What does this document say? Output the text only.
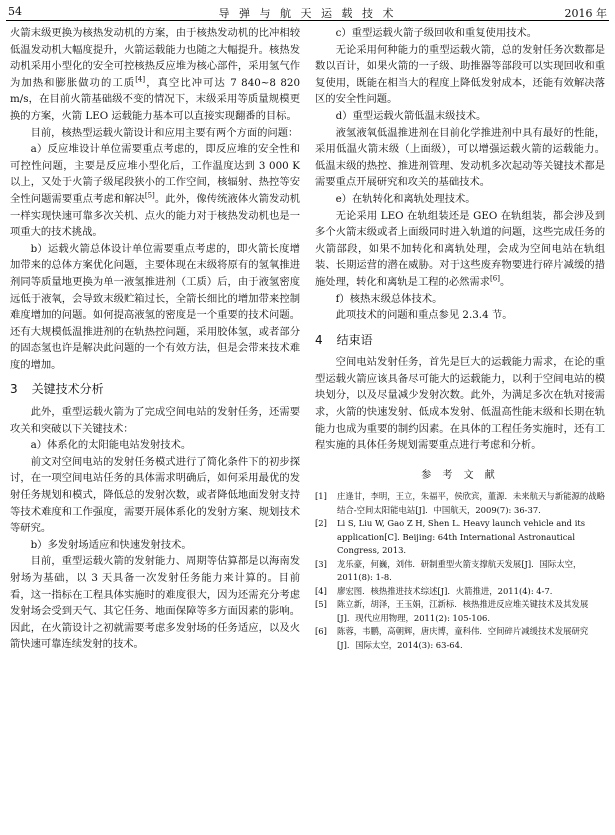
54	导 弹 与 航 天 运 载 技 术	2016 年

火箭末级更换为核热发动机的方案，由于核热发动机的比冲相较低温发动机大幅度提升，火箭运载能力也随之大幅提升。核热发动机采用小型化的安全可控核热反应堆为核心部件，采用氢气作为加热和膨胀做功的工质[4]，真空比冲可达 7 840~8 820 m/s，在目前火箭基础级不变的情况下，末级采用等质量规模更换的方案，火箭 LEO 运载能力基本可以直接实现翻番的目标。

目前，核热型运载火箭设计和应用主要有两个方面的问题：

a）反应堆设计单位需要重点考虑的，即反应堆的安全性和可控性问题，主要是反应堆小型化后，工作温度达到 3 000 K 以上，又处于火箭子级尾段狭小的工作空间，核辐射、热控等安全性问题需要重点考虑和解决[5]。此外，像传统液体火箭发动机一样实现快速可靠多次关机、点火的能力对于核热发动机也是一项重大的技术挑战。

b）运载火箭总体设计单位需要重点考虑的，即火箭长度增加带来的总体方案优化问题，主要体现在末级将原有的氢氧推进剂同等质量地更换为单一液氢推进剂（工质）后，由于液氢密度远低于液氧，会导致末级贮箱过长，全箭长细比的增加带来控制难度增加的问题。如何提高液氢的密度是一个重要的技术问题。还有大规模低温推进剂的在轨热控问题，采用胶体氢，或者部分的固态氢也许是解决此问题的一个有效方法，但是会带来技术难度的增加。

3 关键技术分析

此外，重型运载火箭为了完成空间电站的发射任务，还需要攻关和突破以下关键技术：

a）体系化的太阳能电站发射技术。

前文对空间电站的发射任务模式进行了简化条件下的初步探讨，在一项空间电站任务的具体需求明确后，如何采用最优的发射任务规划和模式，降低总的发射次数，或者降低地面发射支持等技术难度和工作强度，需要开展体系化的发射方案、规划技术等研究。

b）多发射场适应和快速发射技术。

目前，重型运载火箭的发射能力、周期等估算都是以海南发射场为基础，以 3 天具备一次发射任务能力来计算的。目前看，这一指标在工程具体实施时的难度很大，因为还需充分考虑发射场会受到天气、其它任务、地面保障等多方面因素的影响。因此，在火箭设计之初就需要考虑多发射场的任务适应，以及火箭快速可靠连续发射的技术。

c）重型运载火箭子级回收和重复使用技术。

无论采用何种能力的重型运载火箭，总的发射任务次数都是数以百计，如果火箭的一子级、助推器等部段可以实现回收和重复使用，既能在相当大的程度上降低发射成本，还能有效解决落区的安全性问题。

d）重型运载火箭低温末级技术。

液氢液氧低温推进剂在目前化学推进剂中具有最好的性能，采用低温火箭末级（上面级），可以增强运载火箭的运载能力。低温末级的热控、推进剂管理、发动机多次起动等关键技术都是需要重点开展研究和攻关的基础技术。

e）在轨转化和离轨处理技术。

无论采用 LEO 在轨组装还是 GEO 在轨组装，都会涉及到多个火箭末级或者上面级同时进入轨道的问题，这些完成任务的火箭部段，如果不加转化和离轨处理，会成为空间电站在轨组装、长期运营的潜在威胁。对于这些废弃物要进行碎片减缓的措施处理，转化和离轨是工程的必然需求[6]。

f）核热末级总体技术。

此项技术的问题和重点参见 2.3.4 节。

4 结束语

空间电站发射任务，首先是巨大的运载能力需求，在论的重型运载火箭应该具备尽可能大的运载能力，以利于空间电站的模块划分，以及尽量减少发射次数。此外，为满足多次在轨对接需求，火箭的快速发射、低成本发射、低温高性能末级和长期在轨能力也成为重要的制约因素。在具体的工程任务实施时，还有工程实施的具体任务规划需要重点进行考虑和分析。

参 考 文 献
[1]	庄逢甘，李明，王立，朱福平，侯欣宾，董源．未来航天与新能源的战略结合-空间太阳能电站[J]．中国航天，2009(7): 36-37.
[2]	Li S, Liu W, Gao Z H, Shen L. Heavy launch vehicle and its application[C]. Beijing: 64th International Astronautical Congress, 2013.
[3]	龙乐豪，何巍，刘伟．研制重型火箭支撑航天发展[J]．国际太空，2011(8): 1-8.
[4]	廖宏图．核热推进技术综述[J]．火箭推进，2011(4): 4-7.
[5]	陈立新，胡泽，王玉娟，江新标．核热推进反应堆关键技术及其发展[J]．现代应用物理，2011(2): 105-106.
[6]	陈蓉，韦鹏，高朝辉，唐庆博，童科伟．空间碎片减缓技术发展研究[J]．国际太空，2014(3): 63-64.
